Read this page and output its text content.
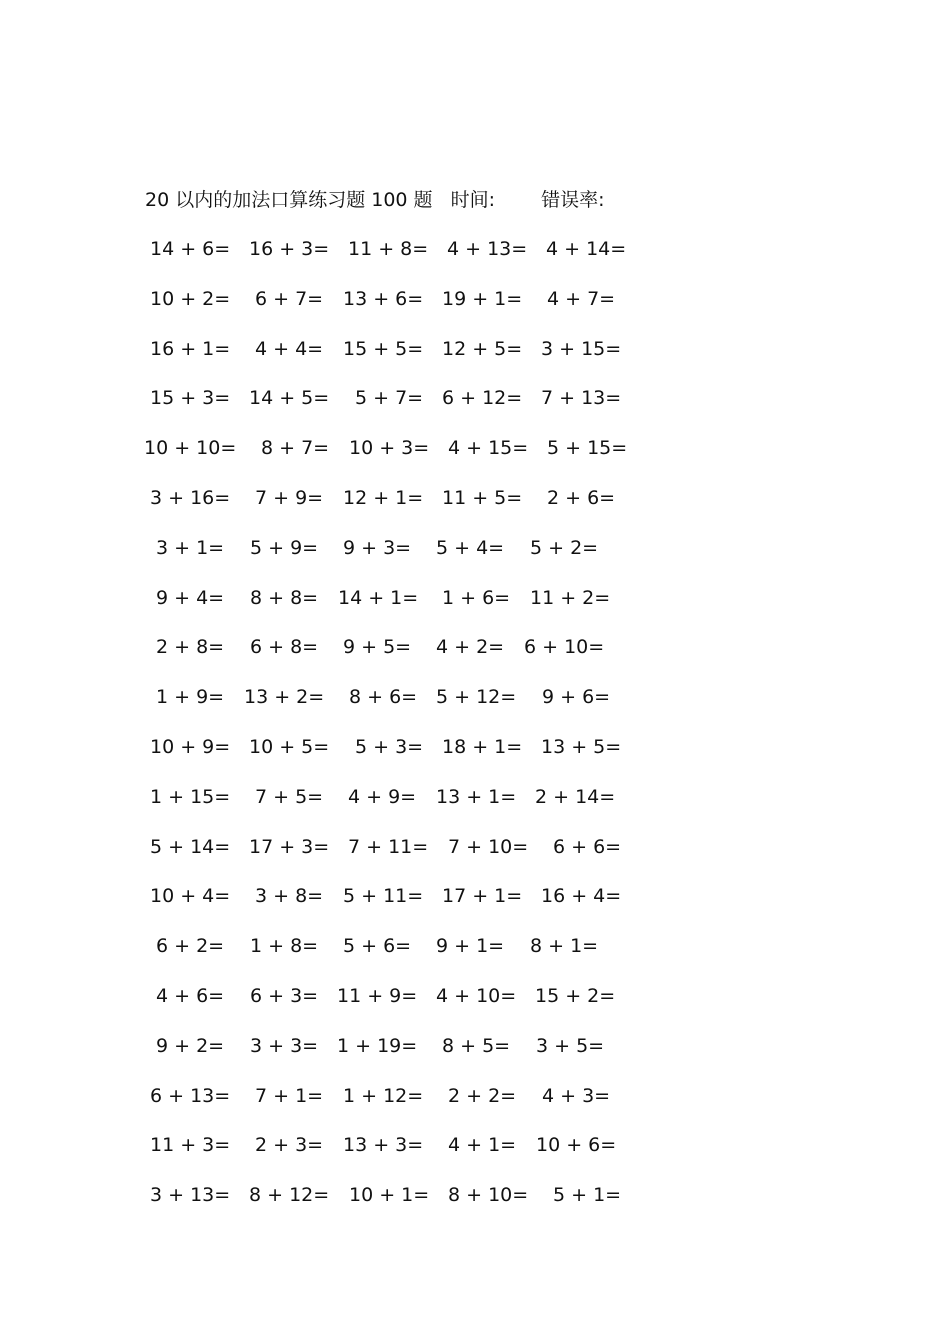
20 以内的加法口算练习题 100 题 时间: 错误率:
14 + 6= 16 + 3= 11 + 8= 4 + 13= 4 + 14=
10 + 2= 6 + 7= 13 + 6= 19 + 1= 4 + 7=
16 + 1= 4 + 4= 15 + 5= 12 + 5= 3 + 15=
15 + 3= 14 + 5= 5 + 7= 6 + 12= 7 + 13=
10 + 10= 8 + 7= 10 + 3= 4 + 15= 5 + 15=
3 + 16= 7 + 9= 12 + 1= 11 + 5= 2 + 6=
3 + 1= 5 + 9= 9 + 3= 5 + 4= 5 + 2=
9 + 4= 8 + 8= 14 + 1= 1 + 6= 11 + 2=
2 + 8= 6 + 8= 9 + 5= 4 + 2= 6 + 10=
1 + 9= 13 + 2= 8 + 6= 5 + 12= 9 + 6=
10 + 9= 10 + 5= 5 + 3= 18 + 1= 13 + 5=
1 + 15= 7 + 5= 4 + 9= 13 + 1= 2 + 14=
5 + 14= 17 + 3= 7 + 11= 7 + 10= 6 + 6=
10 + 4= 3 + 8= 5 + 11= 17 + 1= 16 + 4=
6 + 2= 1 + 8= 5 + 6= 9 + 1= 8 + 1=
4 + 6= 6 + 3= 11 + 9= 4 + 10= 15 + 2=
9 + 2= 3 + 3= 1 + 19= 8 + 5= 3 + 5=
6 + 13= 7 + 1= 1 + 12= 2 + 2= 4 + 3=
11 + 3= 2 + 3= 13 + 3= 4 + 1= 10 + 6=
3 + 13= 8 + 12= 10 + 1= 8 + 10= 5 + 1=
